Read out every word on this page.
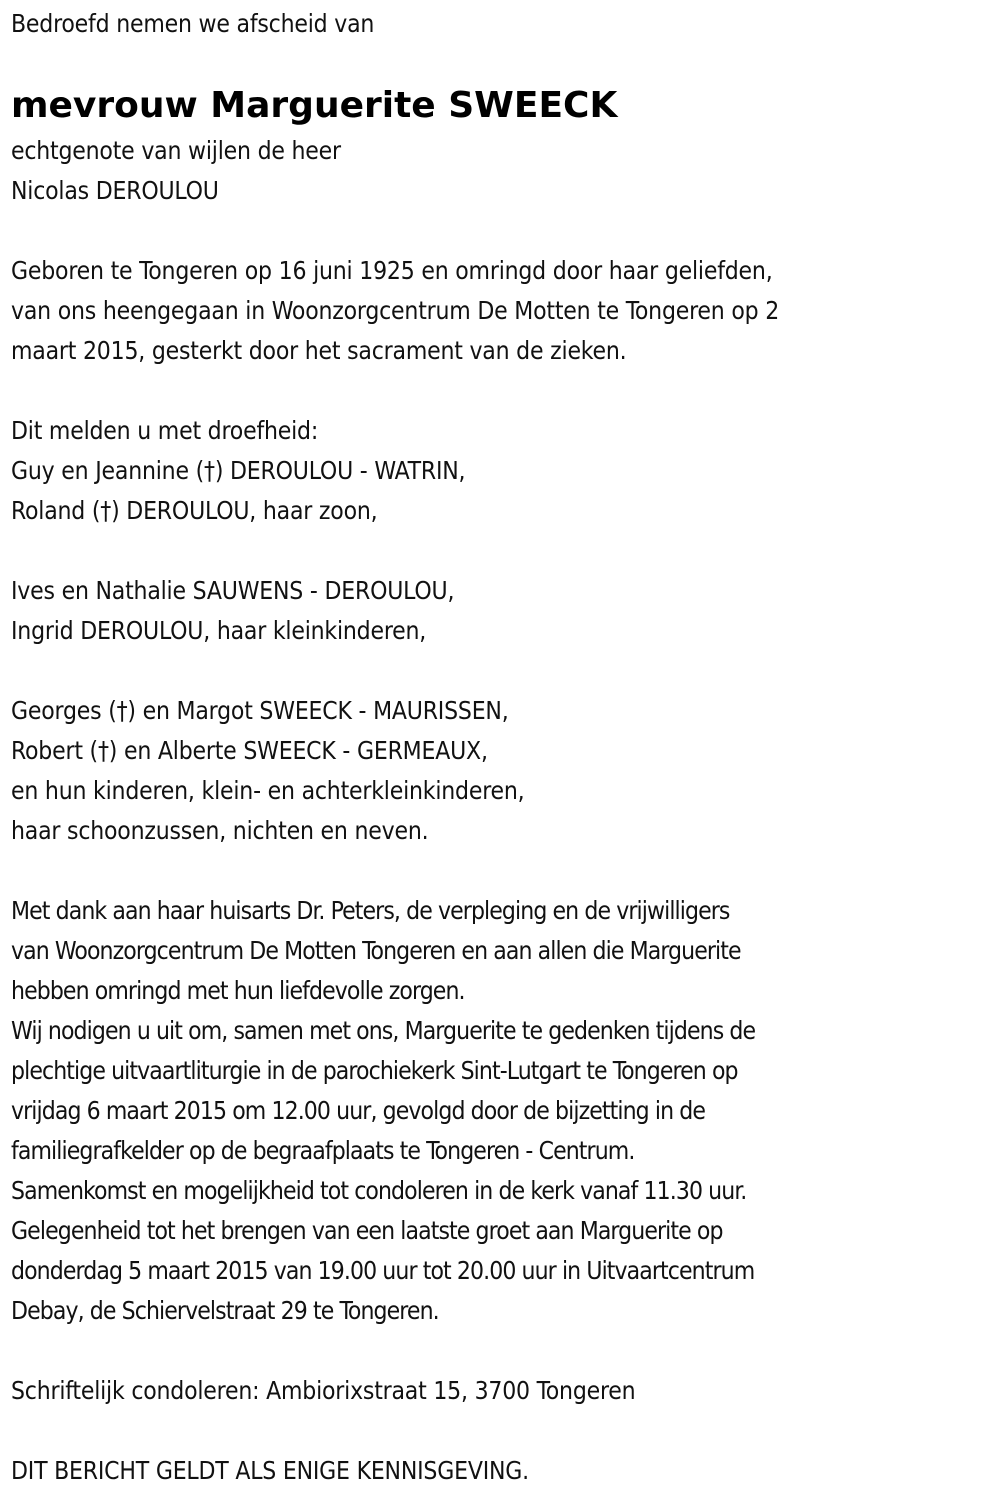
Bedroefd nemen we afscheid van
mevrouw Marguerite SWEECK
echtgenote van wijlen de heer
Nicolas DEROULOU
Geboren te Tongeren op 16 juni 1925 en omringd door haar geliefden,
van ons heengegaan in Woonzorgcentrum De Motten te Tongeren op 2
maart 2015, gesterkt door het sacrament van de zieken.
Dit melden u met droefheid:
Guy en Jeannine (†) DEROULOU - WATRIN,
Roland (†) DEROULOU, haar zoon,
Ives en Nathalie SAUWENS - DEROULOU,
Ingrid DEROULOU, haar kleinkinderen,
Georges (†) en Margot SWEECK - MAURISSEN,
Robert (†) en Alberte SWEECK - GERMEAUX,
en hun kinderen, klein- en achterkleinkinderen,
haar schoonzussen, nichten en neven.
Met dank aan haar huisarts Dr. Peters, de verpleging en de vrijwilligers
van Woonzorgcentrum De Motten Tongeren en aan allen die Marguerite
hebben omringd met hun liefdevolle zorgen.
Wij nodigen u uit om, samen met ons, Marguerite te gedenken tijdens de
plechtige uitvaartliturgie in de parochiekerk Sint-Lutgart te Tongeren op
vrijdag 6 maart 2015 om 12.00 uur, gevolgd door de bijzetting in de
familiegrafkelder op de begraafplaats te Tongeren - Centrum.
Samenkomst en mogelijkheid tot condoleren in de kerk vanaf 11.30 uur.
Gelegenheid tot het brengen van een laatste groet aan Marguerite op
donderdag 5 maart 2015 van 19.00 uur tot 20.00 uur in Uitvaartcentrum
Debay, de Schiervelstraat 29 te Tongeren.
Schriftelijk condoleren: Ambiorixstraat 15, 3700 Tongeren
DIT BERICHT GELDT ALS ENIGE KENNISGEVING.
